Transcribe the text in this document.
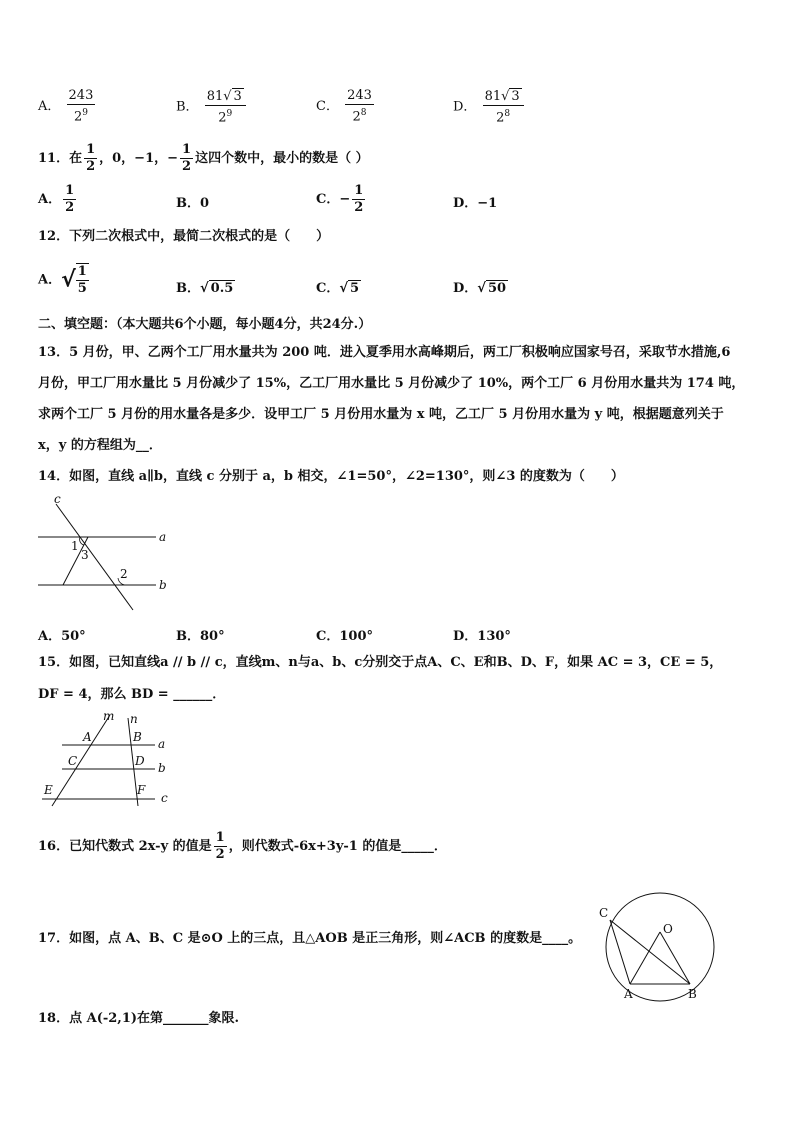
A． $\frac{243}{2^9}$	B． $\frac{81√ 3}{2^9}$	C． $\frac{243}{2^8}$	D． $\frac{81√ 3}{2^8}$
11．在 $\frac{1}{2}$ ，0，−1，− $\frac{1}{2}$ 这四个数中，最小的数是（ ）
A． $\frac{1}{2}$	B．0	C．− $\frac{1}{2}$	D．−1
12．下列二次根式中，最简二次根式的是（　　）
A．√ $\frac{1}{5}$	B．√ 0.5	C．√ 5	D．√ 50
二、填空题：（本大题共6个小题，每小题4分，共24分.）
13．5 月份，甲、乙两个工厂用水量共为 200 吨．进入夏季用水高峰期后，两工厂积极响应国家号召，采取节水措施,6
月份，甲工厂用水量比 5 月份减少了 15%，乙工厂用水量比 5 月份减少了 10%，两个工厂 6 月份用水量共为 174 吨，
求两个工厂 5 月份的用水量各是多少．设甲工厂 5 月份用水量为 x 吨，乙工厂 5 月份用水量为 y 吨，根据题意列关于
x，y 的方程组为__．
14．如图，直线 a∥b，直线 c 分别于 a，b 相交，∠1=50°，∠2=130°，则∠3 的度数为（　　）
c
a
b
1
3
2
A．50°	B．80°	C．100°	D．130°
15．如图，已知直线a // b // c，直线m、n与a、b、c分别交于点A、C、E和B、D、F，如果 AC = 3，CE = 5，
DF = 4，那么 BD = ______．
m n
A	B a
C	D b
E	F
c
16．已知代数式 2x-y 的值是 $\frac{1}{2}$ ，则代数式-6x+3y-1 的值是_____．
17．如图，点 A、B、C 是⊙O 上的三点，且△AOB 是正三角形，则∠ACB 的度数是____。
C
O
A	B
18．点 A(-2,1)在第_______象限.
